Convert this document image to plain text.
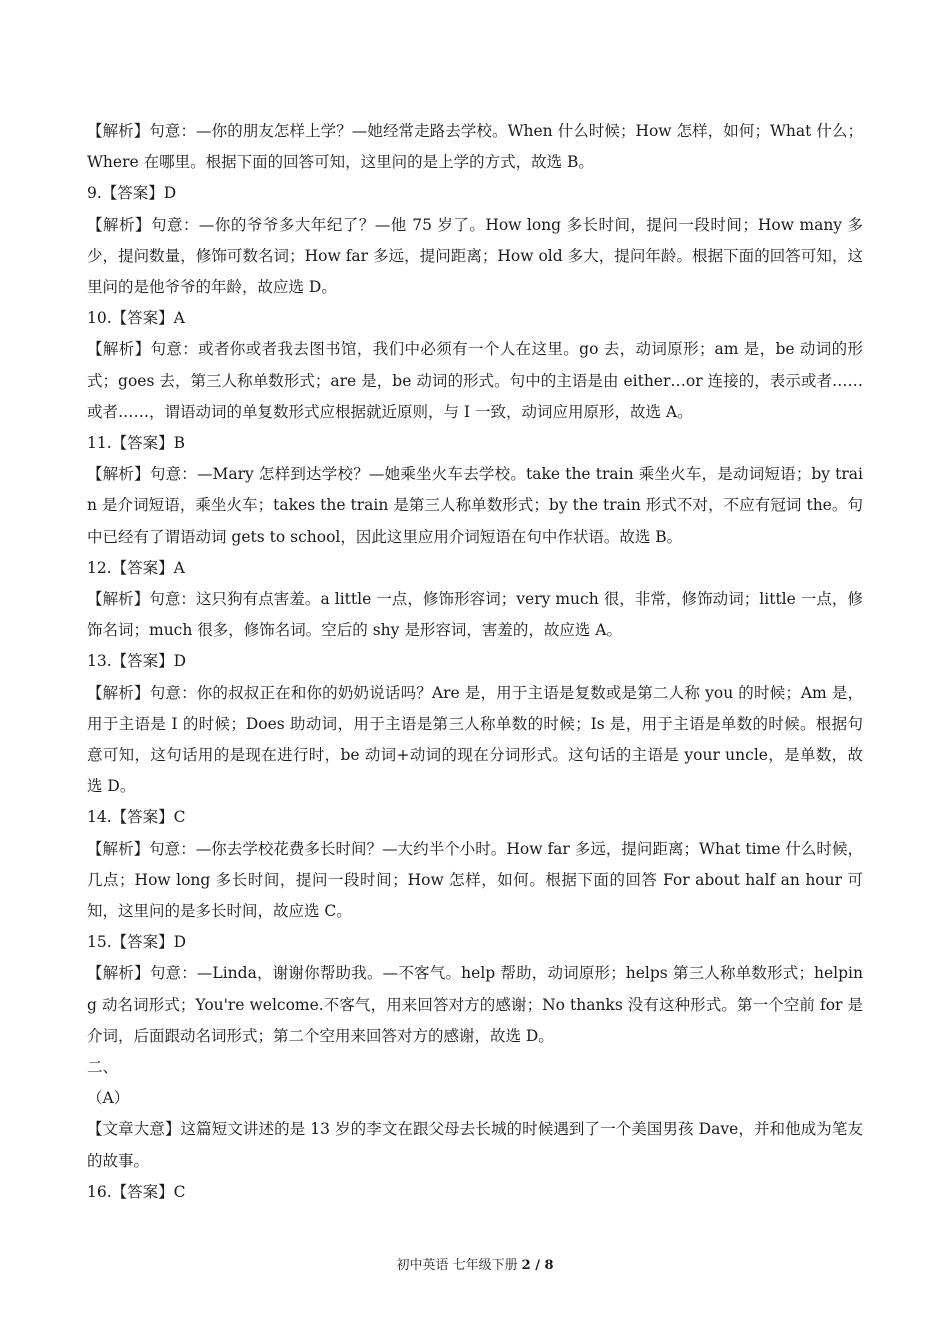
【解析】句意：—你的朋友怎样上学？—她经常走路去学校。When 什么时候；How 怎样，如何；What 什么；Where 在哪里。根据下面的回答可知，这里问的是上学的方式，故选 B。
9.【答案】D
【解析】句意：—你的爷爷多大年纪了？—他 75 岁了。How long 多长时间，提问一段时间；How many 多少，提问数量，修饰可数名词；How far 多远，提问距离；How old 多大，提问年龄。根据下面的回答可知，这里问的是他爷爷的年龄，故应选 D。
10.【答案】A
【解析】句意：或者你或者我去图书馆，我们中必须有一个人在这里。go 去，动词原形；am 是，be 动词的形式；goes 去，第三人称单数形式；are 是，be 动词的形式。句中的主语是由 either…or 连接的，表示或者……或者……，谓语动词的单复数形式应根据就近原则，与 I 一致，动词应用原形，故选 A。
11.【答案】B
【解析】句意：—Mary 怎样到达学校？—她乘坐火车去学校。take the train 乘坐火车，是动词短语；by train 是介词短语，乘坐火车；takes the train 是第三人称单数形式；by the train 形式不对，不应有冠词 the。句中已经有了谓语动词 gets to school，因此这里应用介词短语在句中作状语。故选 B。
12.【答案】A
【解析】句意：这只狗有点害羞。a little 一点，修饰形容词；very much 很，非常，修饰动词；little 一点，修饰名词；much 很多，修饰名词。空后的 shy 是形容词，害羞的，故应选 A。
13.【答案】D
【解析】句意：你的叔叔正在和你的奶奶说话吗？Are 是，用于主语是复数或是第二人称 you 的时候；Am 是，用于主语是 I 的时候；Does 助动词，用于主语是第三人称单数的时候；Is 是，用于主语是单数的时候。根据句意可知，这句话用的是现在进行时，be 动词+动词的现在分词形式。这句话的主语是 your uncle，是单数，故选 D。
14.【答案】C
【解析】句意：—你去学校花费多长时间？—大约半个小时。How far 多远，提问距离；What time 什么时候，几点；How long 多长时间，提问一段时间；How 怎样，如何。根据下面的回答 For about half an hour 可知，这里问的是多长时间，故应选 C。
15.【答案】D
【解析】句意：—Linda，谢谢你帮助我。—不客气。help 帮助，动词原形；helps 第三人称单数形式；helping 动名词形式；You're welcome.不客气，用来回答对方的感谢；No thanks 没有这种形式。第一个空前 for 是介词，后面跟动名词形式；第二个空用来回答对方的感谢，故选 D。
二、
（A）
【文章大意】这篇短文讲述的是 13 岁的李文在跟父母去长城的时候遇到了一个美国男孩 Dave，并和他成为笔友的故事。
16.【答案】C
初中英语 七年级下册 2 / 8
